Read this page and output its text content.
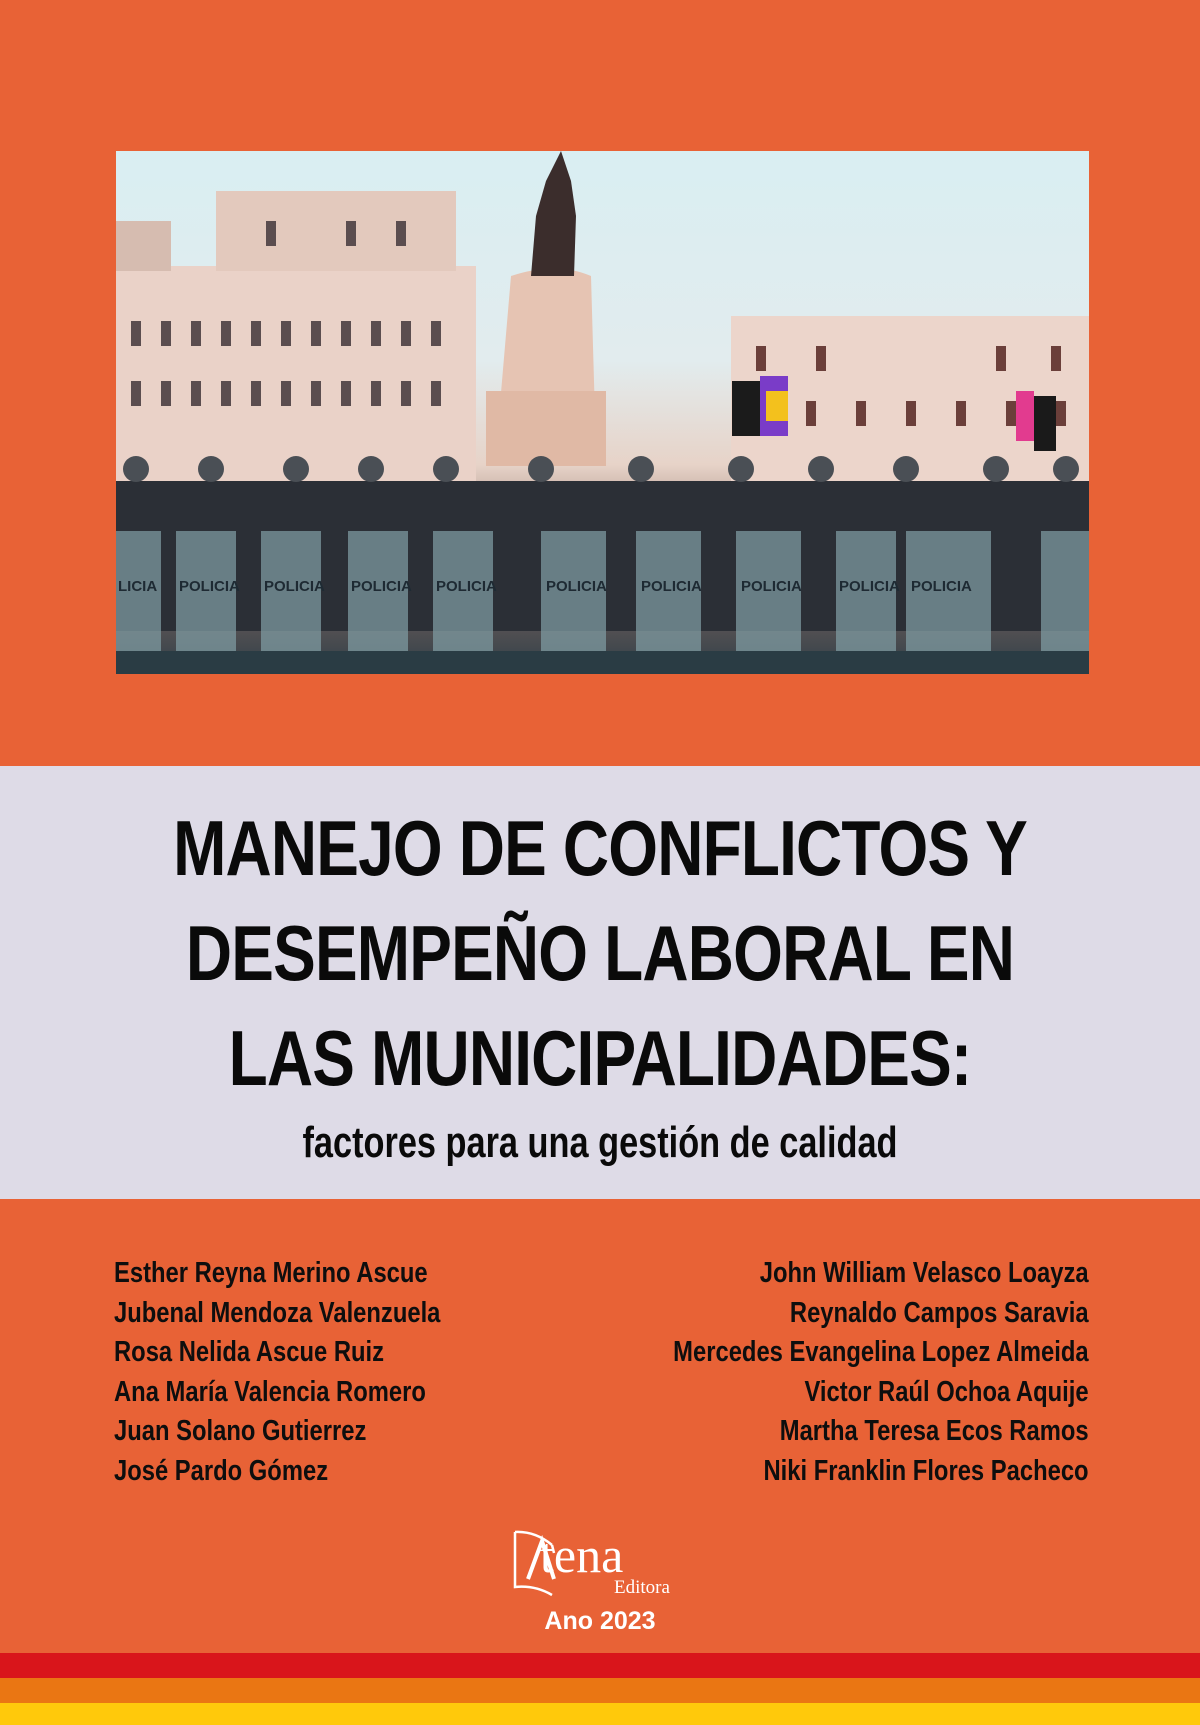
LICIA POLICIA POLICIA POLICIA POLICIA	POLICIA POLICIA	POLICIA POLICIA POLICIA
MANEJO DE CONFLICTOS Y
DESEMPEÑO LABORAL EN
LAS MUNICIPALIDADES:

factores para una gestión de calidad

Esther Reyna Merino Ascue
Jubenal Mendoza Valenzuela
Rosa Nelida Ascue Ruiz
Ana María Valencia Romero
Juan Solano Gutierrez
José Pardo Gómez
John William Velasco Loayza
Reynaldo Campos Saravia
Mercedes Evangelina Lopez Almeida
Victor Raúl Ochoa Aquije
Martha Teresa Ecos Ramos
Niki Franklin Flores Pacheco
tena
Editora
Ano 2023
